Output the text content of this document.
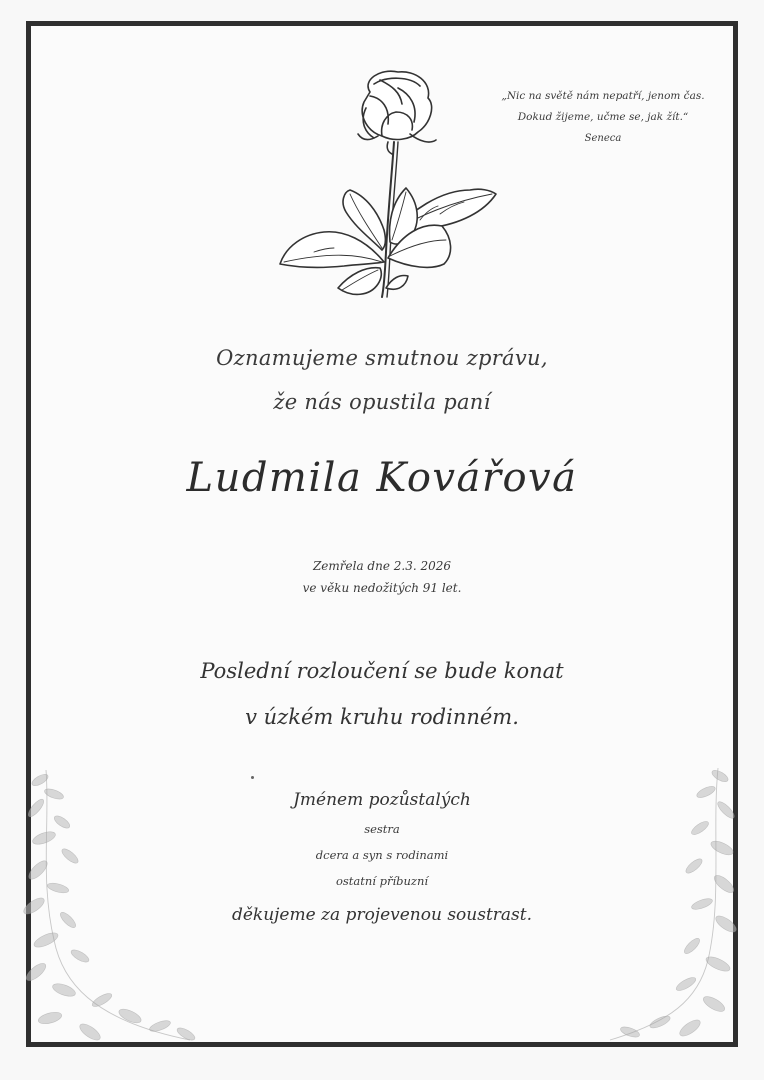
„Nic na světě nám nepatří, jenom čas.
Dokud žijeme, učme se, jak žít.“
Seneca
Oznamujeme smutnou zprávu,
že nás opustila paní
Ludmila Kovářová
Zemřela dne 2.3. 2026
ve věku nedožitých 91 let.
Poslední rozloučení se bude konat
v úzkém kruhu rodinném.
Jménem pozůstalých
sestra
dcera a syn s rodinami
ostatní příbuzní
děkujeme za projevenou soustrast.
